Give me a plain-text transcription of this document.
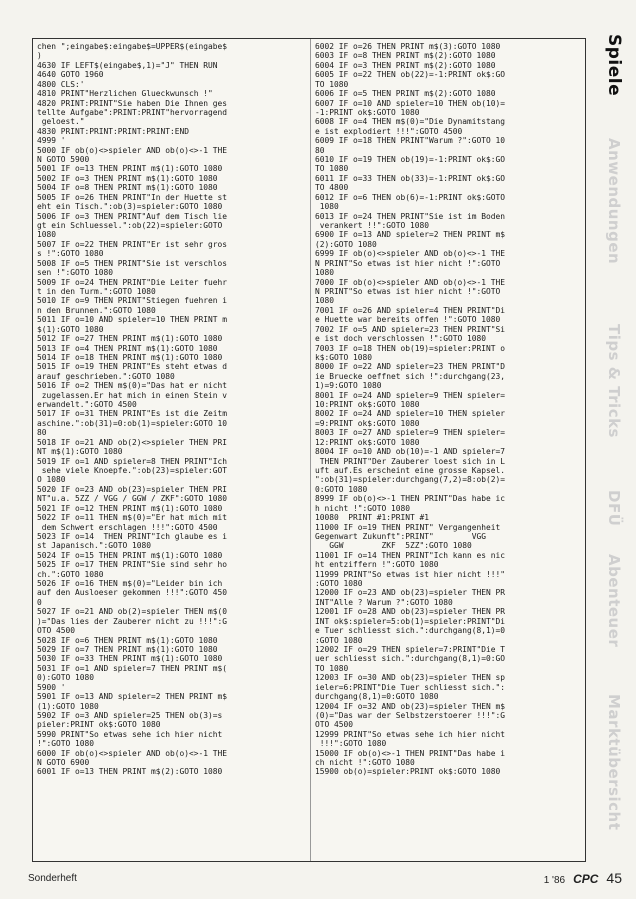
chen ";eingabe$:eingabe$=UPPER$(eingabe$
)
4630 IF LEFT$(eingabe$,1)="J" THEN RUN
4640 GOTO 1960
4800 CLS:'
4810 PRINT"Herzlichen Glueckwunsch !"
4820 PRINT:PRINT"Sie haben Die Ihnen ges
tellte Aufgabe":PRINT:PRINT"hervorragend
geloest."
4830 PRINT:PRINT:PRINT:PRINT:END
4999 '
5000 IF ob(o)<>spieler AND ob(o)<>-1 THE
N GOTO 5900
5001 IF o=13 THEN PRINT m$(1):GOTO 1080
5002 IF o=3 THEN PRINT m$(1):GOTO 1080
5004 IF o=8 THEN PRINT m$(1):GOTO 1080
5005 IF o=26 THEN PRINT"In der Huette st
eht ein Tisch.":ob(3)=spieler:GOTO 1080
5006 IF o=3 THEN PRINT"Auf dem Tisch lie
gt ein Schluessel.":ob(22)=spieler:GOTO
1080
5007 IF o=22 THEN PRINT"Er ist sehr gros
s !":GOTO 1080
5008 IF o=5 THEN PRINT"Sie ist verschlos
sen !":GOTO 1080
5009 IF o=24 THEN PRINT"Die Leiter fuehr
t in den Turm.":GOTO 1080
5010 IF o=9 THEN PRINT"Stiegen fuehren i
n den Brunnen.":GOTO 1080
5011 IF o=10 AND spieler=10 THEN PRINT m
$(1):GOTO 1080
5012 IF o=27 THEN PRINT m$(1):GOTO 1080
5013 IF o=4 THEN PRINT m$(1):GOTO 1080
5014 IF o=18 THEN PRINT m$(1):GOTO 1080
5015 IF o=19 THEN PRINT"Es steht etwas d
arauf geschrieben.":GOTO 1080
5016 IF o=2 THEN m$(0)="Das hat er nicht
zugelassen.Er hat mich in einen Stein v
erwandelt.":GOTO 4500
5017 IF o=31 THEN PRINT"Es ist die Zeitm
aschine.":ob(31)=0:ob(1)=spieler:GOTO 10
80
5018 IF o=21 AND ob(2)<>spieler THEN PRI
NT m$(1):GOTO 1080
5019 IF o=1 AND spieler=8 THEN PRINT"Ich
sehe viele Knoepfe.":ob(23)=spieler:GOT
O 1080
5020 IF o=23 AND ob(23)=spieler THEN PRI
NT"u.a. 5ZZ / VGG / GGW / ZKF":GOTO 1080
5021 IF o=12 THEN PRINT m$(1):GOTO 1080
5022 IF o=11 THEN m$(0)="Er hat mich mit
dem Schwert erschlagen !!!":GOTO 4500
5023 IF o=14  THEN PRINT"Ich glaube es i
st Japanisch.":GOTO 1080
5024 IF o=15 THEN PRINT m$(1):GOTO 1080
5025 IF o=17 THEN PRINT"Sie sind sehr ho
ch.":GOTO 1080
5026 IF o=16 THEN m$(0)="Leider bin ich
auf den Ausloeser gekommen !!!":GOTO 450
0
5027 IF o=21 AND ob(2)=spieler THEN m$(0
)="Das lies der Zauberer nicht zu !!!":G
OTO 4500
5028 IF o=6 THEN PRINT m$(1):GOTO 1080
5029 IF o=7 THEN PRINT m$(1):GOTO 1080
5030 IF o=33 THEN PRINT m$(1):GOTO 1080
5031 IF o=1 AND spieler=7 THEN PRINT m$(
0):GOTO 1080
5900 '
5901 IF o=13 AND spieler=2 THEN PRINT m$
(1):GOTO 1080
5902 IF o=3 AND spieler=25 THEN ob(3)=s
pieler:PRINT ok$:GOTO 1080
5990 PRINT"So etwas sehe ich hier nicht
!":GOTO 1080
6000 IF ob(o)<>spieler AND ob(o)<>-1 THE
N GOTO 6900
6001 IF o=13 THEN PRINT m$(2):GOTO 1080
6002 IF o=26 THEN PRINT m$(3):GOTO 1080
6003 IF o=8 THEN PRINT m$(2):GOTO 1080
6004 IF o=3 THEN PRINT m$(2):GOTO 1080
6005 IF o=22 THEN ob(22)=-1:PRINT ok$:GO
TO 1080
6006 IF o=5 THEN PRINT m$(2):GOTO 1080
6007 IF o=10 AND spieler=10 THEN ob(10)=
-1:PRINT ok$:GOTO 1080
6008 IF o=4 THEN m$(0)="Die Dynamitstang
e ist explodiert !!!":GOTO 4500
6009 IF o=18 THEN PRINT"Warum ?":GOTO 10
80
6010 IF o=19 THEN ob(19)=-1:PRINT ok$:GO
TO 1080
6011 IF o=33 THEN ob(33)=-1:PRINT ok$:GO
TO 4800
6012 IF o=6 THEN ob(6)=-1:PRINT ok$:GOTO
1080
6013 IF o=24 THEN PRINT"Sie ist im Boden
verankert !!":GOTO 1080
6900 IF o=13 AND spieler=2 THEN PRINT m$
(2):GOTO 1080
6999 IF ob(o)<>spieler AND ob(o)<>-1 THE
N PRINT"So etwas ist hier nicht !":GOTO
1080
7000 IF ob(o)<>spieler AND ob(o)<>-1 THE
N PRINT"So etwas ist hier nicht !":GOTO
1080
7001 IF o=26 AND spieler=4 THEN PRINT"Di
e Huette war bereits offen !":GOTO 1080
7002 IF o=5 AND spieler=23 THEN PRINT"Si
e ist doch verschlossen !":GOTO 1080
7003 IF o=18 THEN ob(19)=spieler:PRINT o
k$:GOTO 1080
8000 IF o=22 AND spieler=23 THEN PRINT"D
ie Bruecke oeffnet sich !":durchgang(23,
1)=9:GOTO 1080
8001 IF o=24 AND spieler=9 THEN spieler=
10:PRINT ok$:GOTO 1080
8002 IF o=24 AND spieler=10 THEN spieler
=9:PRINT ok$:GOTO 1080
8003 IF o=27 AND spieler=9 THEN spieler=
12:PRINT ok$:GOTO 1080
8004 IF o=10 AND ob(10)=-1 AND spieler=7
THEN PRINT"Der Zauberer loest sich in L
uft auf.Es erscheint eine grosse Kapsel.
":ob(31)=spieler:durchgang(7,2)=8:ob(2)=
0:GOTO 1080
8999 IF ob(o)<>-1 THEN PRINT"Das habe ic
h nicht !":GOTO 1080
10080  PRINT #1:PRINT #1
11000 IF o=19 THEN PRINT" Vergangenheit
Gegenwart Zukunft":PRINT"        VGG
GGW        ZKF  5ZZ":GOTO 1080
11001 IF o=14 THEN PRINT"Ich kann es nic
ht entziffern !":GOTO 1080
11999 PRINT"So etwas ist hier nicht !!!"
:GOTO 1080
12000 IF o=23 AND ob(23)=spieler THEN PR
INT"Alle ? Warum ?":GOTO 1080
12001 IF o=28 AND ob(23)=spieler THEN PR
INT ok$:spieler=5:ob(1)=spieler:PRINT"Di
e Tuer schliesst sich.":durchgang(8,1)=0
:GOTO 1080
12002 IF o=29 THEN spieler=7:PRINT"Die T
uer schliesst sich.":durchgang(8,1)=0:GO
TO 1080
12003 IF o=30 AND ob(23)=spieler THEN sp
ieler=6:PRINT"Die Tuer schliesst sich.":
durchgang(8,1)=0:GOTO 1080
12004 IF o=32 AND ob(23)=spieler THEN m$
(0)="Das war der Selbstzerstoerer !!!":G
OTO 4500
12999 PRINT"So etwas sehe ich hier nicht
!!!":GOTO 1080
15000 IF ob(o)<>-1 THEN PRINT"Das habe i
ch nicht !":GOTO 1080
15900 ob(o)=spieler:PRINT ok$:GOTO 1080
Spiele
Anwendungen
Tips & Tricks
DFÜ
Abenteuer
Marktübersicht
Sonderheft	1 '86 CPC 45
